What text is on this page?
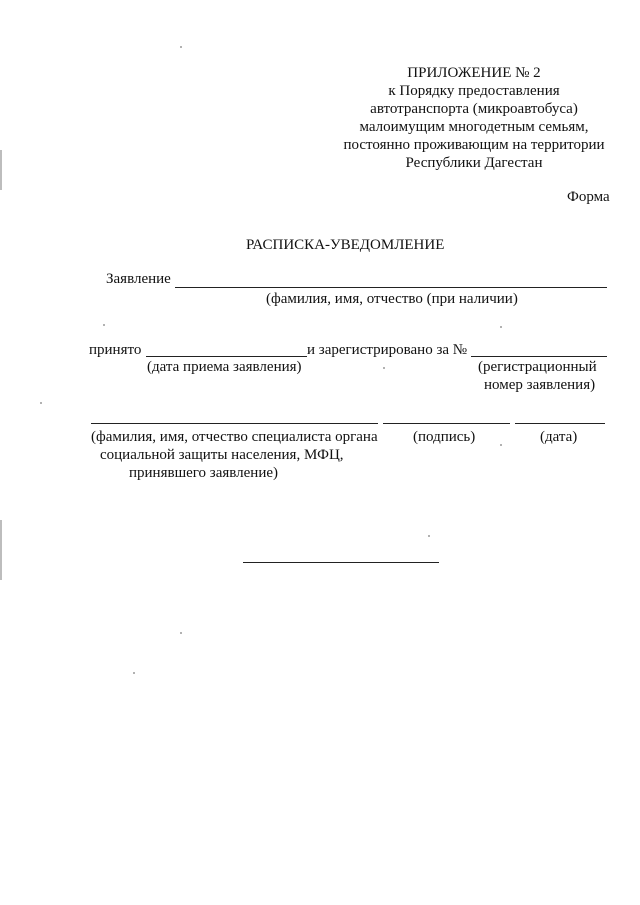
ПРИЛОЖЕНИЕ № 2
к Порядку предоставления
автотранспорта (микроавтобуса)
малоимущим многодетным семьям,
постоянно проживающим на территории
Республики Дагестан
Форма
РАСПИСКА-УВЕДОМЛЕНИЕ
Заявление
(фамилия, имя, отчество (при наличии)
принято	и зарегистрировано за №
(дата приема заявления)	(регистрационный
номер заявления)
(фамилия, имя, отчество специалиста органа
социальной защиты населения, МФЦ,
принявшего заявление)
(подпись)	(дата)
